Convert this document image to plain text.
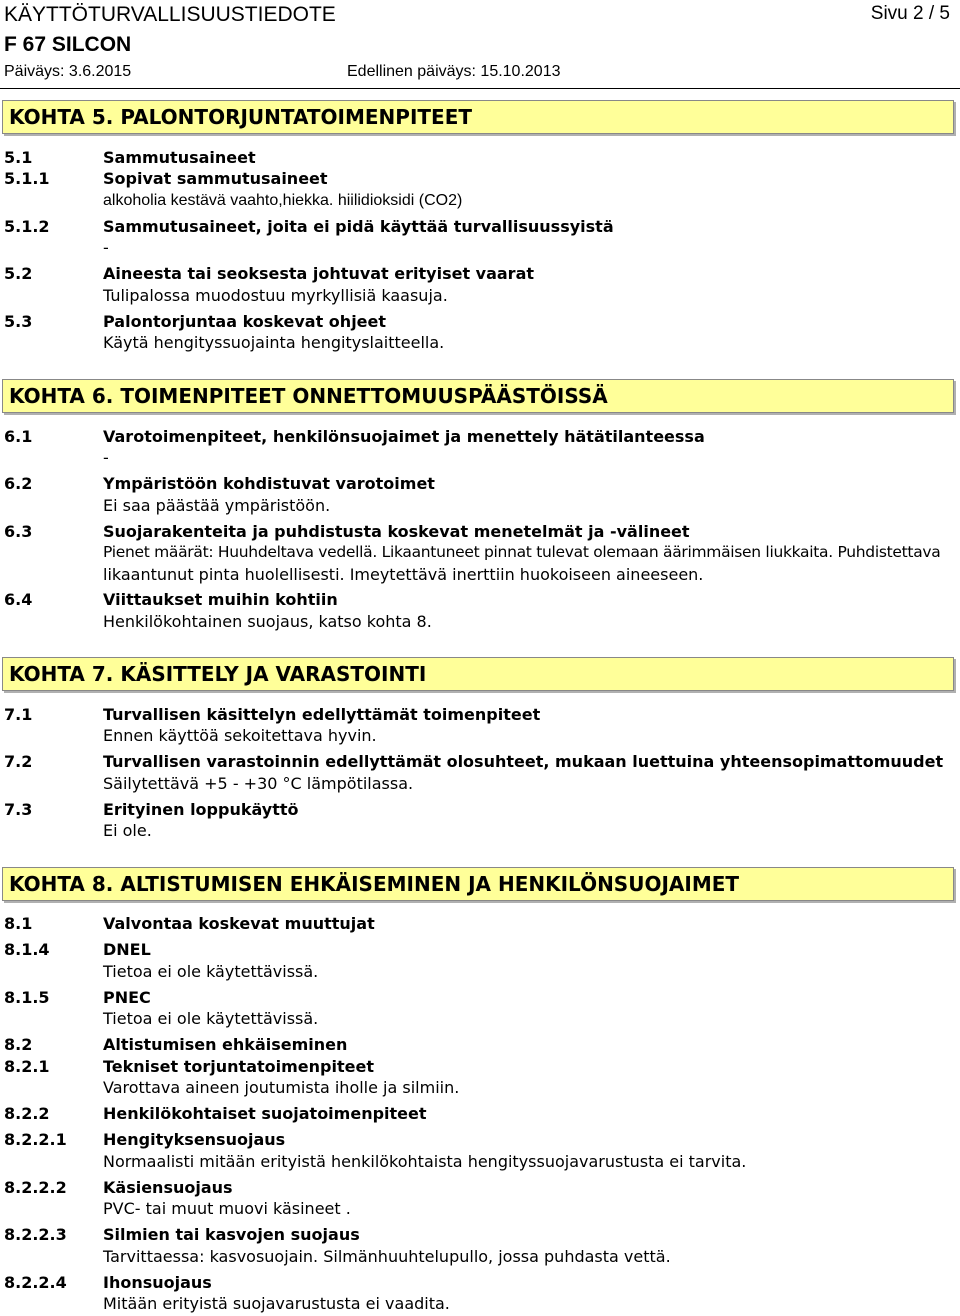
KÄYTTÖTURVALLISUUSTIEDOTE	Sivu 2 / 5
F 67 SILCON
Päiväys: 3.6.2015	Edellinen päiväys: 15.10.2013
KOHTA 5. PALONTORJUNTATOIMENPITEET
5.1	Sammutusaineet
5.1.1	Sopivat sammutusaineet
alkoholia kestävä vaahto,hiekka. hiilidioksidi (CO2)
5.1.2	Sammutusaineet, joita ei pidä käyttää turvallisuussyistä
-
5.2	Aineesta tai seoksesta johtuvat erityiset vaarat
Tulipalossa muodostuu myrkyllisiä kaasuja.
5.3	Palontorjuntaa koskevat ohjeet
Käytä hengityssuojainta hengityslaitteella.
KOHTA 6. TOIMENPITEET ONNETTOMUUSPÄÄSTÖISSÄ
6.1	Varotoimenpiteet, henkilönsuojaimet ja menettely hätätilanteessa
-
6.2	Ympäristöön kohdistuvat varotoimet
Ei saa päästää ympäristöön.
6.3	Suojarakenteita ja puhdistusta koskevat menetelmät ja -välineet
Pienet määrät: Huuhdeltava vedellä. Likaantuneet pinnat tulevat olemaan äärimmäisen liukkaita. Puhdistettava
likaantunut pinta huolellisesti. Imeytettävä inerttiin huokoiseen aineeseen.
6.4	Viittaukset muihin kohtiin
Henkilökohtainen suojaus, katso kohta 8.
KOHTA 7. KÄSITTELY JA VARASTOINTI
7.1	Turvallisen käsittelyn edellyttämät toimenpiteet
Ennen käyttöä sekoitettava hyvin.
7.2	Turvallisen varastoinnin edellyttämät olosuhteet, mukaan luettuina yhteensopimattomuudet
Säilytettävä +5 - +30 °C lämpötilassa.
7.3	Erityinen loppukäyttö
Ei ole.
KOHTA 8. ALTISTUMISEN EHKÄISEMINEN JA HENKILÖNSUOJAIMET
8.1	Valvontaa koskevat muuttujat
8.1.4	DNEL
Tietoa ei ole käytettävissä.
8.1.5	PNEC
Tietoa ei ole käytettävissä.
8.2	Altistumisen ehkäiseminen
8.2.1	Tekniset torjuntatoimenpiteet
Varottava aineen joutumista iholle ja silmiin.
8.2.2	Henkilökohtaiset suojatoimenpiteet
8.2.2.1 Hengityksensuojaus
Normaalisti mitään erityistä henkilökohtaista hengityssuojavarustusta ei tarvita.
8.2.2.2 Käsiensuojaus
PVC- tai muut muovi käsineet .
8.2.2.3 Silmien tai kasvojen suojaus
Tarvittaessa: kasvosuojain. Silmänhuuhtelupullo, jossa puhdasta vettä.
8.2.2.4 Ihonsuojaus
Mitään erityistä suojavarustusta ei vaadita.
